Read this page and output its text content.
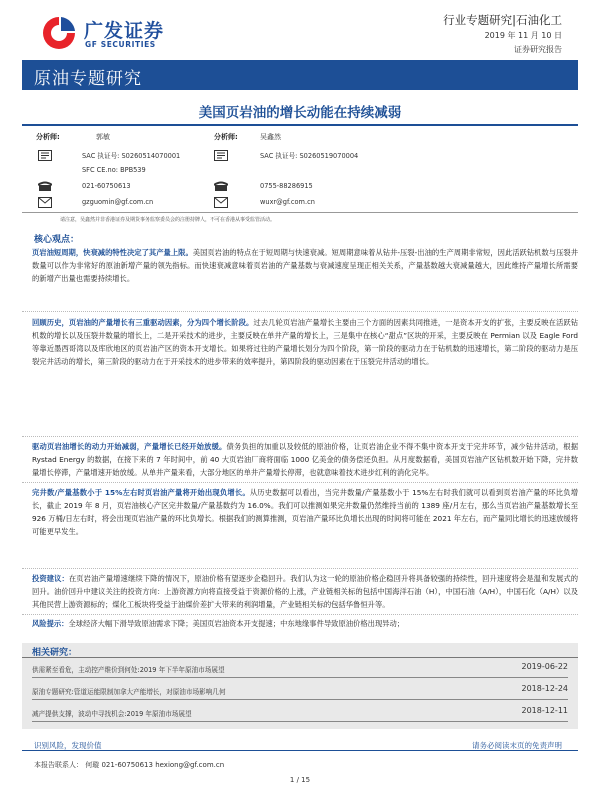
广发证券
GF SECURITIES
行业专题研究|石油化工
2019 年 11 月 10 日
证券研究报告
原油专题研究
美国页岩油的增长动能在持续减弱
分析师:	郭敏
SAC 执证号: S0260514070001
SFC CE.no: BPB539
021-60750613
gzguomin@gf.com.cn
分析师:	吴鑫然
SAC 执证号: S0260519070004
0755-88286915
wuxr@gf.com.cn
请注意，吴鑫然并非香港证券及期货事务监察委员会的注册持牌人，不可在香港从事受监管活动。
核心观点：
页岩油短周期，快衰减的特性决定了其产量上限。美国页岩油的特点在于短周期与快速衰减。短周期意味着从钻井-压裂-出油的生产周期非常短，因此活跃钻机数与压裂井数量可以作为非常好的原油新增产量的领先指标。而快速衰减意味着页岩油的产量基数与衰减速度呈现正相关关系，产量基数越大衰减量越大，因此维持产量增长所需要的新增产出量也需要持续增长。
回顾历史，页岩油的产量增长有三重驱动因素，分为四个增长阶段。过去几轮页岩油产量增长主要由三个方面的因素共同推进，一是资本开支的扩张，主要反映在活跃钻机数的增长以及压裂井数量的增长上，二是开采技术的进步，主要反映在单井产量的增长上，三是集中在核心“甜点”区块的开采，主要反映在 Permian 以及 Eagle Ford 等靠近墨西哥湾以及库欣地区的页岩油产区的资本开支增长。如果将过往的产量增长划分为四个阶段，第一阶段的驱动力在于钻机数的迅速增长，第二阶段的驱动力是压裂完井活动的增长，第三阶段的驱动力在于开采技术的进步带来的效率提升，第四阶段的驱动因素在于压裂完井活动的增长。
驱动页岩油增长的动力开始减弱，产量增长已经开始放缓。债务负担的加重以及较低的原油价格，让页岩油企业不得不集中资本开支于完井环节，减少钻井活动，根据 Rystad Energy 的数据，在接下来的 7 年时间中，前 40 大页岩油厂商将面临 1000 亿美金的债务偿还负担。从月度数据看，美国页岩油产区钻机数开始下降，完井数量增长停滞，产量增速开始放缓。从单井产量来看，大部分地区的单井产量增长停滞，也就意味着技术进步红利的消化完毕。
完井数/产量基数小于 15%左右时页岩油产量将开始出现负增长。从历史数据可以看出，当完井数量/产量基数小于 15%左右时我们就可以看到页岩油产量的环比负增长，截止 2019 年 8 月，页岩油核心产区完井数量/产量基数约为 16.0%。我们可以推测如果完井数量仍然维持当前的 1389 座/月左右，那么当页岩油产量基数增长至 926 万桶/日左右时，将会出现页岩油产量的环比负增长。根据我们的测算推测，页岩油产量环比负增长出现的时间将可能在 2021 年左右，而产量同比增长的迅速放缓将可能更早发生。
投资建议：在页岩油产量增速继续下降的情况下，原油价格有望逐步企稳回升。我们认为这一轮的原油价格企稳回升将具备较强的持续性，回升速度将会是温和发展式的回升。油价回升中建议关注的投资方向：上游资源方向将直接受益于资源价格的上涨，产业链相关标的包括中国海洋石油（H），中国石油（A/H），中国石化（A/H）以及其他民营上游资源标的；煤化工板块将受益于油煤价差扩大带来的利润增量，产业链相关标的包括华鲁恒升等。
风险提示：全球经济大幅下滑导致原油需求下降；美国页岩油资本开支提速；中东地缘事件导致原油价格出现异动；
相关研究：
供需紧至看危，主动控产维价到何处:2019 年下半年原油市场展望	2019-06-22
原油专题研究:管道运能限制加拿大产能增长，对原油市场影响几何	2018-12-24
减产提供支撑，波动中寻找机会:2019 年原油市场展望	2018-12-11
识别风险，发现价值	请务必阅读末页的免责声明
本报告联系人： 何璇 021-60750613 hexiong@gf.com.cn
1 / 15
